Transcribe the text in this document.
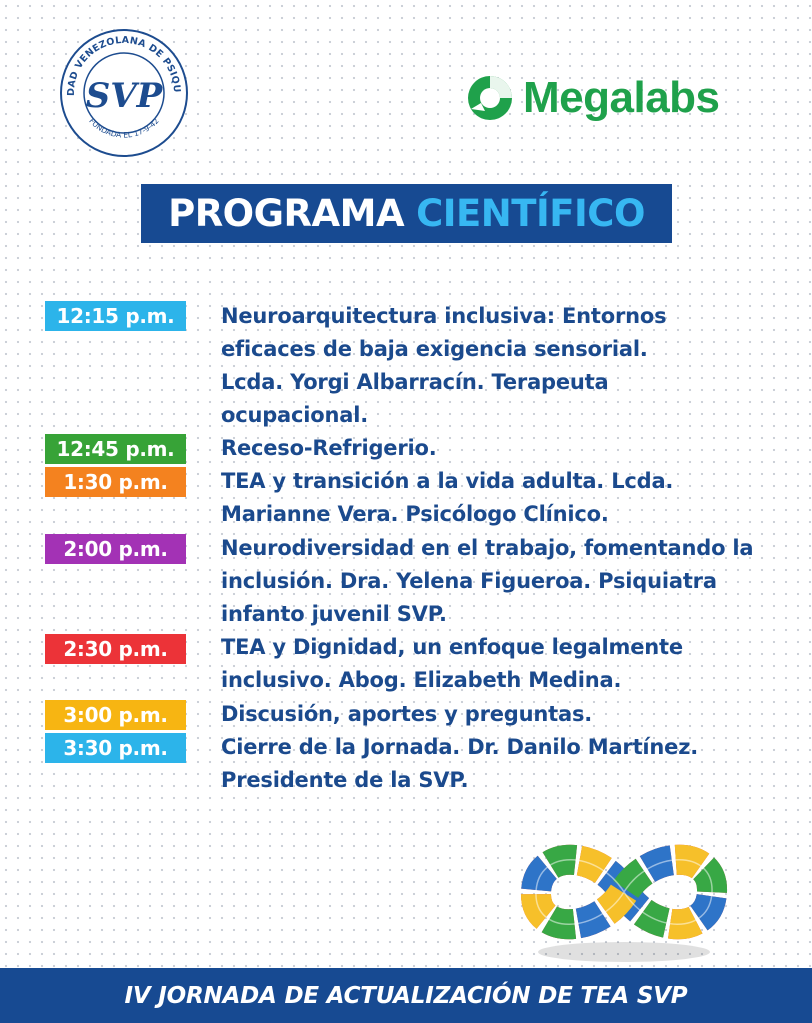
DAD VENEZOLANA DE PSIQU
FUNDADA EL 17-9-42
SVP	Megalabs
PROGRAMA CIENTÍFICO
12:15 p.m.	Neuroarquitectura inclusiva: Entornos
eficaces de baja exigencia sensorial.
Lcda. Yorgi Albarracín. Terapeuta
ocupacional.
12:45 p.m.	Receso-Refrigerio.
1:30 p.m.	TEA y transición a la vida adulta. Lcda.
Marianne Vera. Psicólogo Clínico.
2:00 p.m.	Neurodiversidad en el trabajo, fomentando la
inclusión. Dra. Yelena Figueroa. Psiquiatra
infanto juvenil SVP.
2:30 p.m.	TEA y Dignidad, un enfoque legalmente
inclusivo. Abog. Elizabeth Medina.
3:00 p.m.	Discusión, aportes y preguntas.
3:30 p.m.	Cierre de la Jornada. Dr. Danilo Martínez.
Presidente de la SVP.
IV JORNADA DE ACTUALIZACIÓN DE TEA SVP
